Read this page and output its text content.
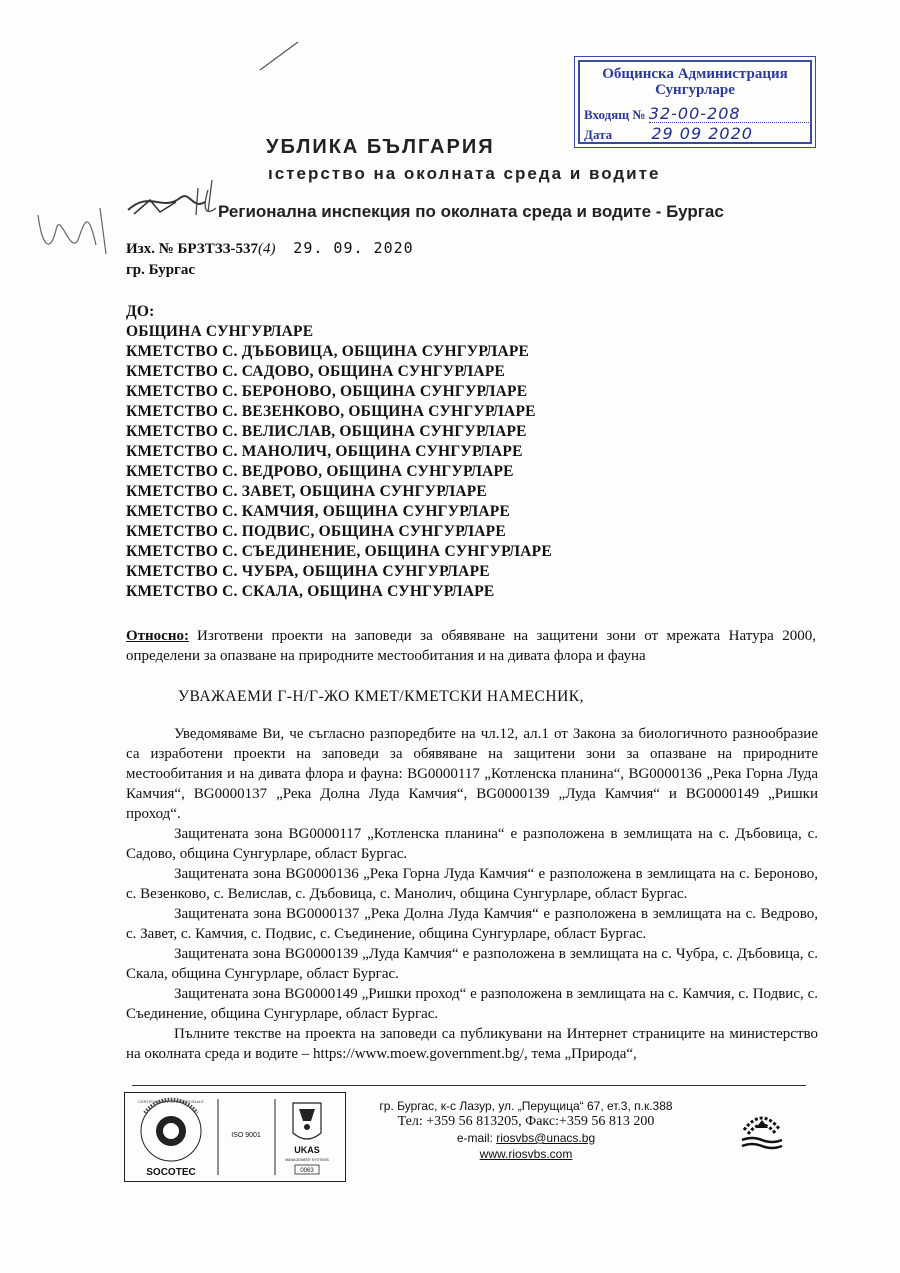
Общинска Администрация
Сунгурларе
Входящ № 32-00-208
Дата 29 09 2020
УБЛИКА БЪЛГАРИЯ
ıстерство на околната среда и водите
Регионална инспекция по околната среда и водите - Бургас
Изх. № БРЗТЗЗ-537(4) 29. 09. 2020
гр. Бургас
ДО:
ОБЩИНА СУНГУРЛАРЕ
КМЕТСТВО С. ДЪБОВИЦА, ОБЩИНА СУНГУРЛАРЕ
КМЕТСТВО С. САДОВО, ОБЩИНА СУНГУРЛАРЕ
КМЕТСТВО С. БЕРОНОВО, ОБЩИНА СУНГУРЛАРЕ
КМЕТСТВО С. ВЕЗЕНКОВО, ОБЩИНА СУНГУРЛАРЕ
КМЕТСТВО С. ВЕЛИСЛАВ, ОБЩИНА СУНГУРЛАРЕ
КМЕТСТВО С. МАНОЛИЧ, ОБЩИНА СУНГУРЛАРЕ
КМЕТСТВО С. ВЕДРОВО, ОБЩИНА СУНГУРЛАРЕ
КМЕТСТВО С. ЗАВЕТ, ОБЩИНА СУНГУРЛАРЕ
КМЕТСТВО С. КАМЧИЯ, ОБЩИНА СУНГУРЛАРЕ
КМЕТСТВО С. ПОДВИС, ОБЩИНА СУНГУРЛАРЕ
КМЕТСТВО С. СЪЕДИНЕНИЕ, ОБЩИНА СУНГУРЛАРЕ
КМЕТСТВО С. ЧУБРА, ОБЩИНА СУНГУРЛАРЕ
КМЕТСТВО С. СКАЛА, ОБЩИНА СУНГУРЛАРЕ
Относно: Изготвени проекти на заповеди за обявяване на защитени зони от мрежата Натура 2000, определени за опазване на природните местообитания и на дивата флора и фауна
УВАЖАЕМИ Г-Н/Г-ЖО КМЕТ/КМЕТСКИ НАМЕСНИК,

Уведомяваме Ви, че съгласно разпоредбите на чл.12, ал.1 от Закона за биологичното разнообразие са изработени проекти на заповеди за обявяване на защитени зони за опазване на природните местообитания и на дивата флора и фауна: BG0000117 „Котленска планина“, BG0000136 „Река Горна Луда Камчия“, BG0000137 „Река Долна Луда Камчия“, BG0000139 „Луда Камчия“ и BG0000149 „Ришки проход“.

Защитената зона BG0000117 „Котленска планина“ е разположена в землищата на с. Дъбовица, с. Садово, община Сунгурларе, област Бургас.

Защитената зона BG0000136 „Река Горна Луда Камчия“ е разположена в землищата на с. Бероново, с. Везенково, с. Велислав, с. Дъбовица, с. Манолич, община Сунгурларе, област Бургас.

Защитената зона BG0000137 „Река Долна Луда Камчия“ е разположена в землищата на с. Ведрово, с. Завет, с. Камчия, с. Подвис, с. Съединение, община Сунгурларе, област Бургас.

Защитената зона BG0000139 „Луда Камчия“ е разположена в землищата на с. Чубра, с. Дъбовица, с. Скала, община Сунгурларе, област Бургас.

Защитената зона BG0000149 „Ришки проход“ е разположена в землищата на с. Камчия, с. Подвис, с. Съединение, община Сунгурларе, област Бургас.

Пълните текстве на проекта на заповеди са публикувани на Интернет страниците на министерство на околната среда и водите – https://www.moew.government.bg/, тема „Природа“,

SOCOTEC
CERTIFICATION INTERNATIONALE
ISO 9001
UKAS
MANAGEMENT SYSTEMS
0063
гр. Бургас, к-с Лазур, ул. „Перущица“ 67, ет.3, п.к.388
Тел: +359 56 813205, Факс:+359 56 813 200
e-mail: riosvbs@unacs.bg
www.riosvbs.com
